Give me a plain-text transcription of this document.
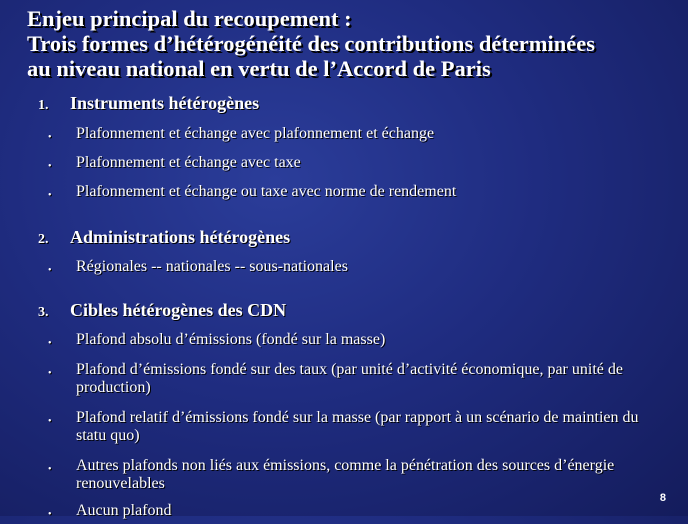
Enjeu principal du recoupement :
Trois formes d’hétérogénéité des contributions déterminées
au niveau national en vertu de l’Accord de Paris
1. Instruments hétérogènes
• Plafonnement et échange avec plafonnement et échange
• Plafonnement et échange avec taxe
• Plafonnement et échange ou taxe avec norme de rendement
2. Administrations hétérogènes
• Régionales -- nationales -- sous-nationales
3. Cibles hétérogènes des CDN
• Plafond absolu d’émissions (fondé sur la masse)
• Plafond d’émissions fondé sur des taux (par unité d’activité économique, par unité de production)
• Plafond relatif d’émissions fondé sur la masse (par rapport à un scénario de maintien du statu quo)
• Autres plafonds non liés aux émissions, comme la pénétration des sources d’énergie renouvelables
• Aucun plafond
8
